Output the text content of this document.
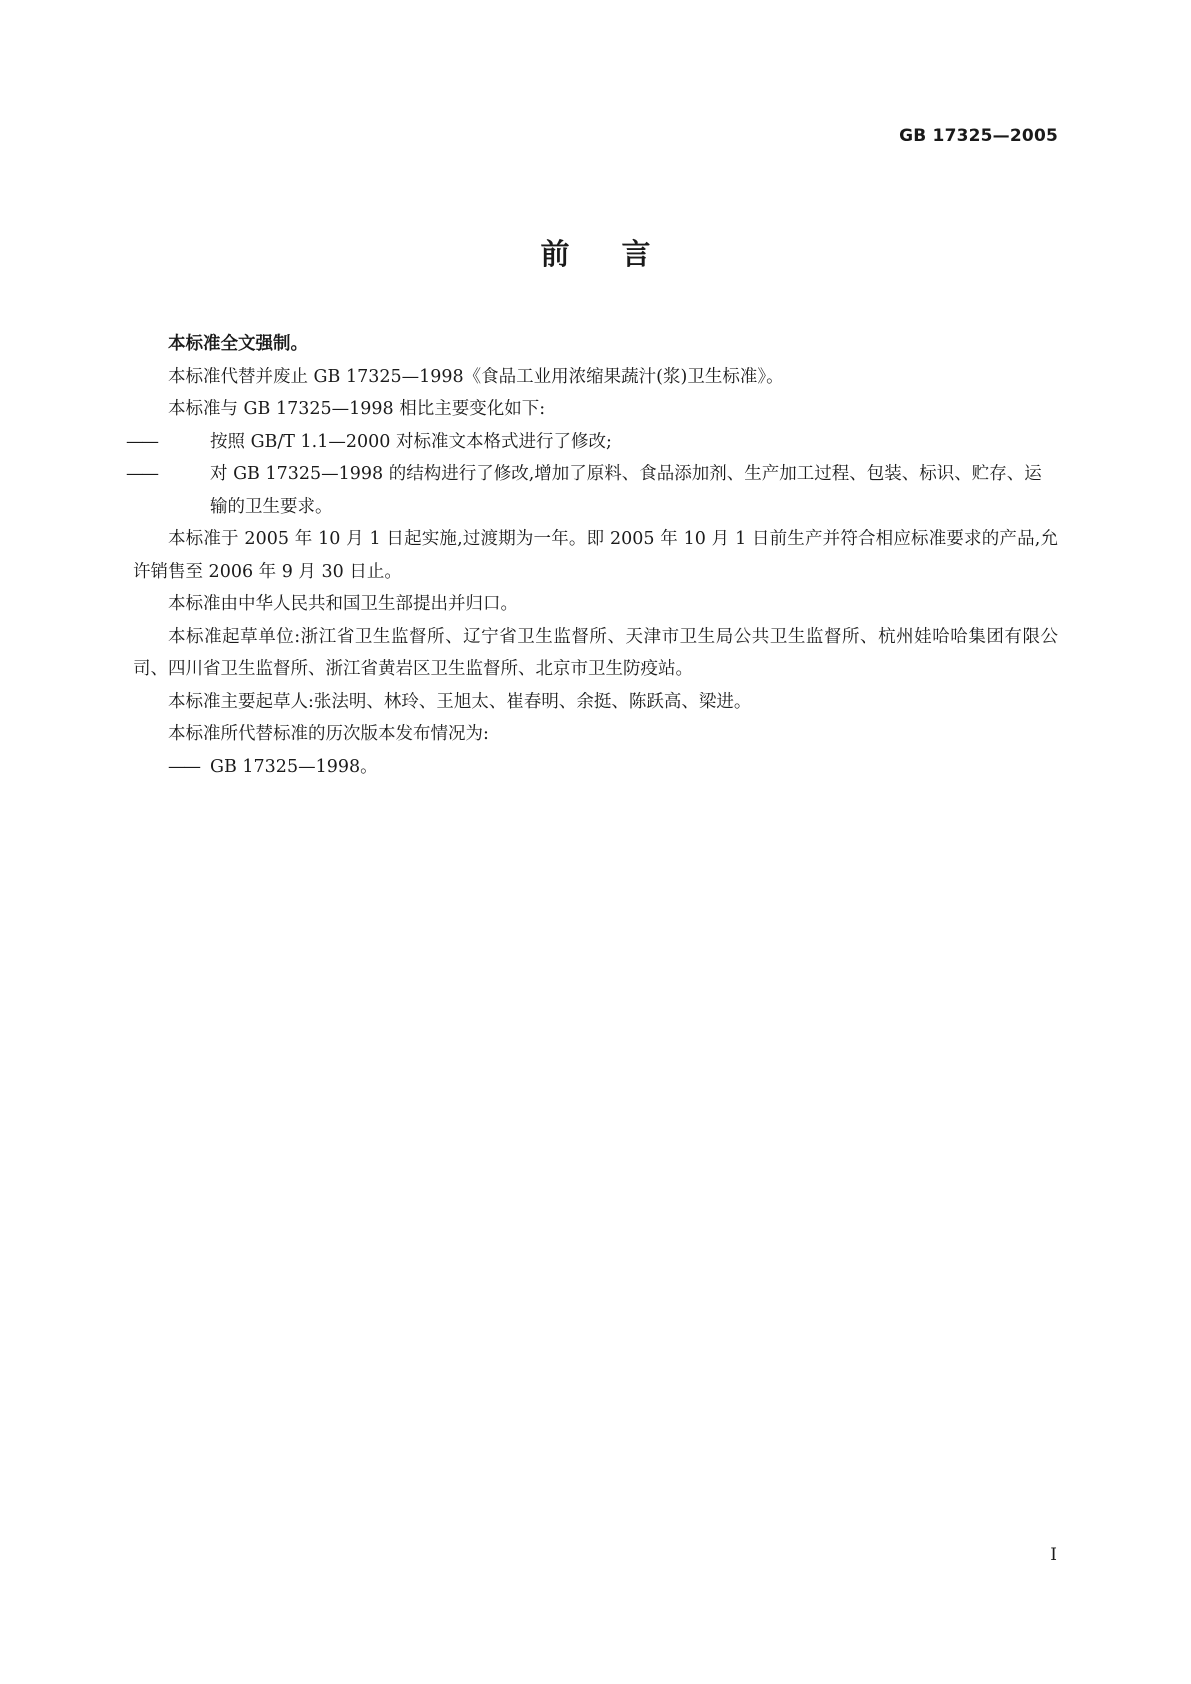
GB 17325—2005
前言

本标准全文强制。

本标准代替并废止 GB 17325—1998《食品工业用浓缩果蔬汁(浆)卫生标准》。

本标准与 GB 17325—1998 相比主要变化如下:

——	按照 GB/T 1.1—2000 对标准文本格式进行了修改;

——	对 GB 17325—1998 的结构进行了修改,增加了原料、食品添加剂、生产加工过程、包装、标识、贮存、运输的卫生要求。

本标准于 2005 年 10 月 1 日起实施,过渡期为一年。即 2005 年 10 月 1 日前生产并符合相应标准要求的产品,允许销售至 2006 年 9 月 30 日止。

本标准由中华人民共和国卫生部提出并归口。

本标准起草单位:浙江省卫生监督所、辽宁省卫生监督所、天津市卫生局公共卫生监督所、杭州娃哈哈集团有限公司、四川省卫生监督所、浙江省黄岩区卫生监督所、北京市卫生防疫站。

本标准主要起草人:张法明、林玲、王旭太、崔春明、余挺、陈跃高、梁进。

本标准所代替标准的历次版本发布情况为:

—— GB 17325—1998。

I
